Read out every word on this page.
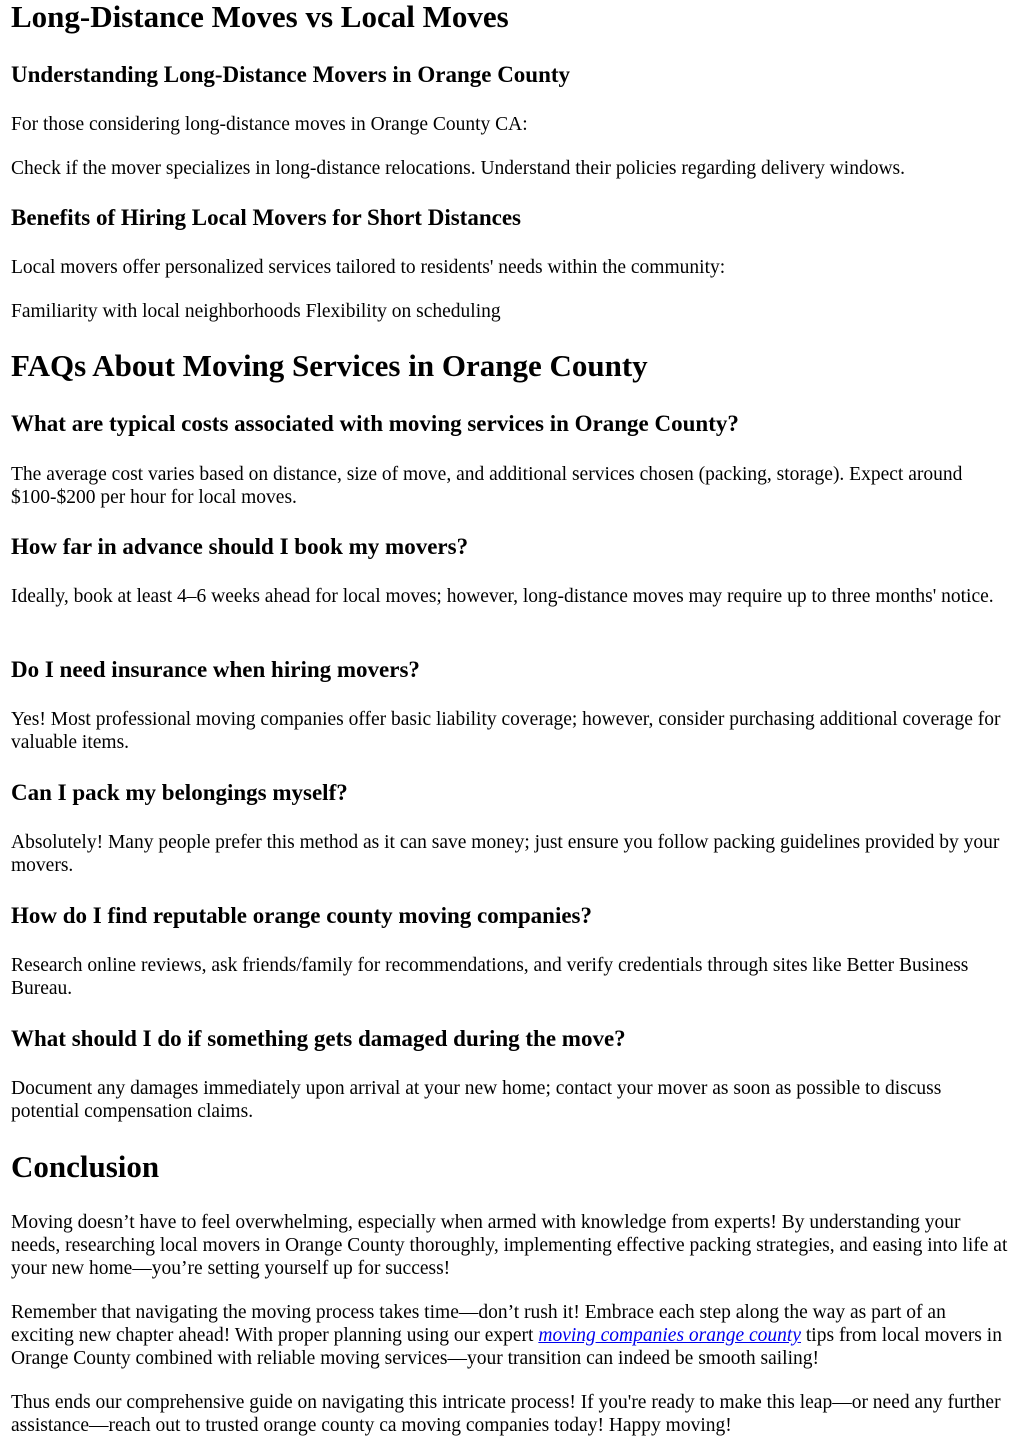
Long-Distance Moves vs Local Moves
Understanding Long-Distance Movers in Orange County

For those considering long-distance moves in Orange County CA:

Check if the mover specializes in long-distance relocations. Understand their policies regarding delivery windows.

Benefits of Hiring Local Movers for Short Distances

Local movers offer personalized services tailored to residents' needs within the community:

Familiarity with local neighborhoods Flexibility on scheduling

FAQs About Moving Services in Orange County
What are typical costs associated with moving services in Orange County?

The average cost varies based on distance, size of move, and additional services chosen (packing, storage). Expect around $100-$200 per hour for local moves.

How far in advance should I book my movers?

Ideally, book at least 4–6 weeks ahead for local moves; however, long-distance moves may require up to three months' notice.

Do I need insurance when hiring movers?

Yes! Most professional moving companies offer basic liability coverage; however, consider purchasing additional coverage for valuable items.

Can I pack my belongings myself?

Absolutely! Many people prefer this method as it can save money; just ensure you follow packing guidelines provided by your movers.

How do I find reputable orange county moving companies?

Research online reviews, ask friends/family for recommendations, and verify credentials through sites like Better Business Bureau.

What should I do if something gets damaged during the move?

Document any damages immediately upon arrival at your new home; contact your mover as soon as possible to discuss potential compensation claims.

Conclusion

Moving doesn’t have to feel overwhelming, especially when armed with knowledge from experts! By understanding your needs, researching local movers in Orange County thoroughly, implementing effective packing strategies, and easing into life at your new home—you’re setting yourself up for success!

Remember that navigating the moving process takes time—don’t rush it! Embrace each step along the way as part of an exciting new chapter ahead! With proper planning using our expert moving companies orange county tips from local movers in Orange County combined with reliable moving services—your transition can indeed be smooth sailing!

Thus ends our comprehensive guide on navigating this intricate process! If you're ready to make this leap—or need any further assistance—reach out to trusted orange county ca moving companies today! Happy moving!
